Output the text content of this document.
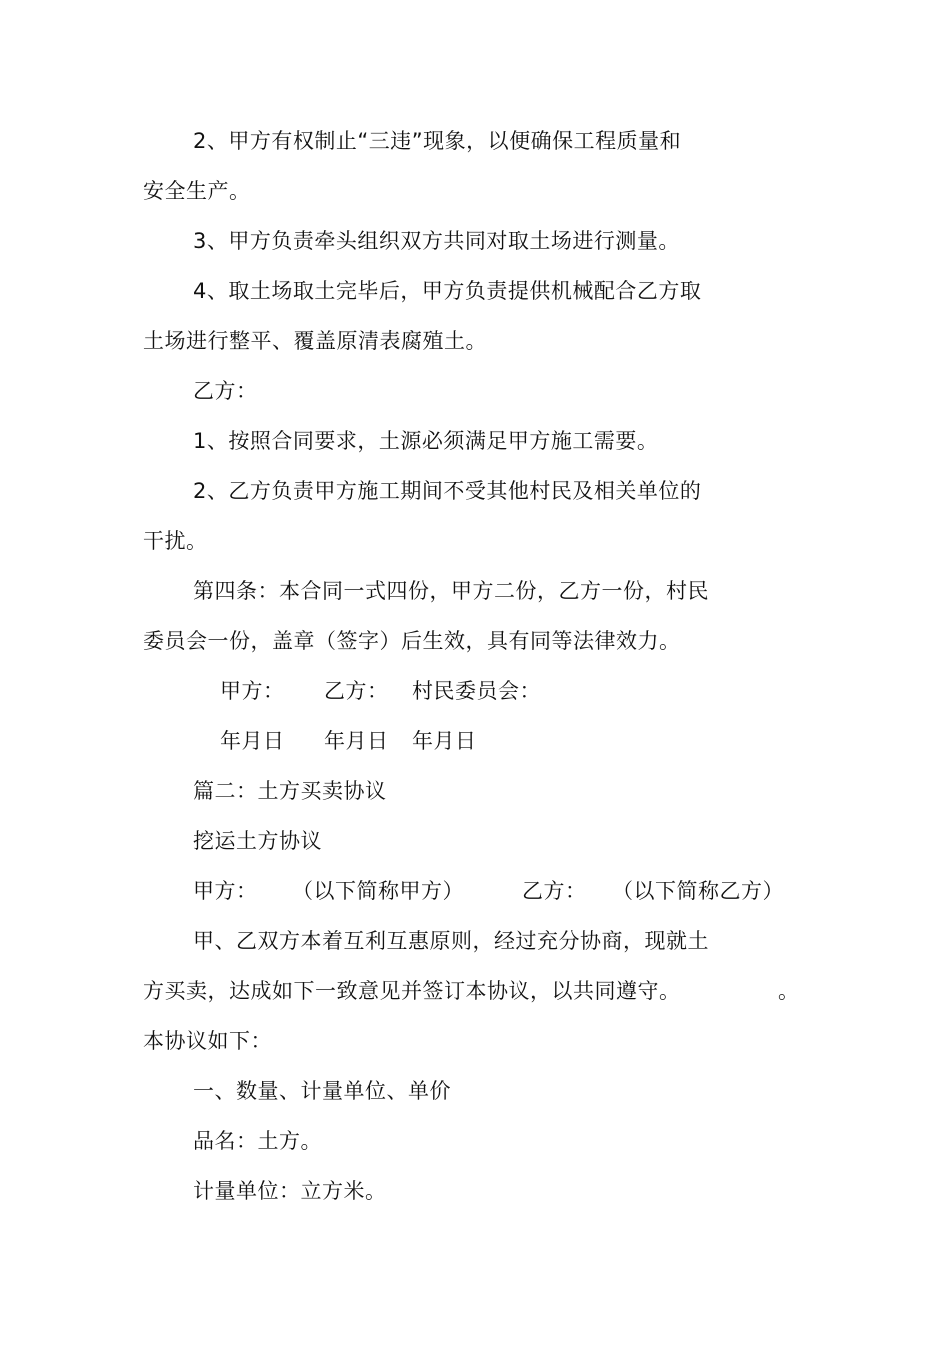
2、甲方有权制止“三违”现象，以便确保工程质量和
安全生产。
3、甲方负责牵头组织双方共同对取土场进行测量。
4、取土场取土完毕后，甲方负责提供机械配合乙方取
土场进行整平、覆盖原清表腐殖土。
乙方：
1、按照合同要求，土源必须满足甲方施工需要。
2、乙方负责甲方施工期间不受其他村民及相关单位的
干扰。
第四条：本合同一式四份，甲方二份，乙方一份，村民
委员会一份，盖章（签字）后生效，具有同等法律效力。
甲方： 乙方： 村民委员会：
年月日 年月日 年月日
篇二：土方买卖协议
挖运土方协议
甲方： （以下简称甲方）	乙方： （以下简称乙方）
甲、乙双方本着互利互惠原则，经过充分协商，现就土
方买卖，达成如下一致意见并签订本协议，以共同遵守。	。
本协议如下：
一、数量、计量单位、单价
品名：土方。
计量单位：立方米。
